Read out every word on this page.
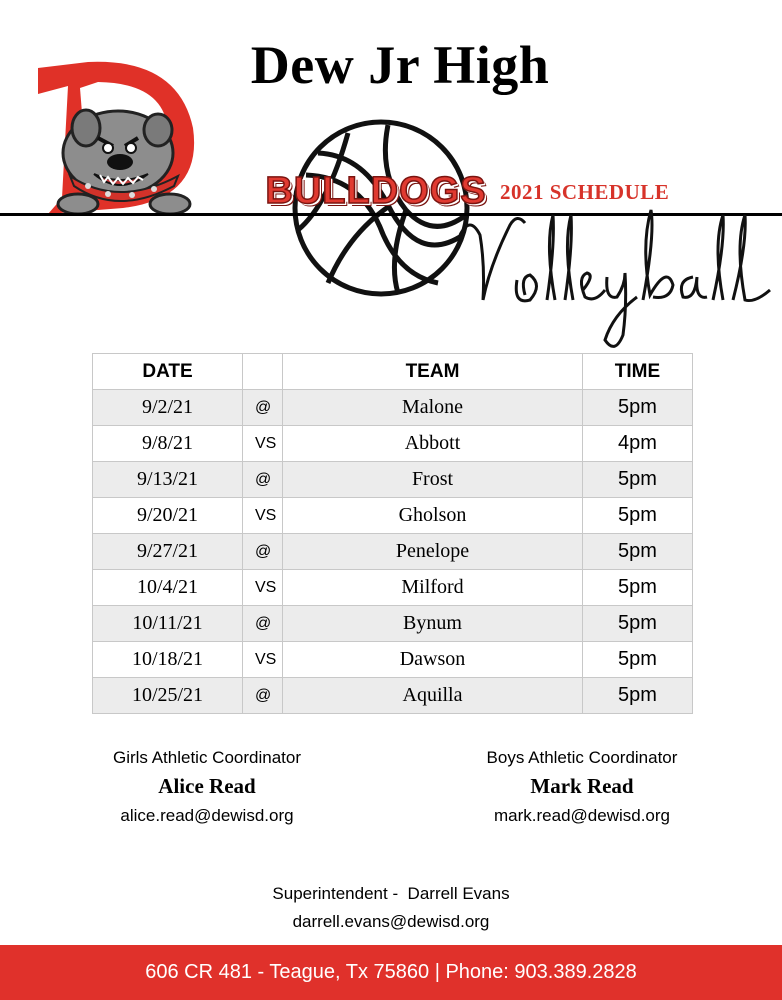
Dew Jr High
BULLDOGS 2021 SCHEDULE
DATE		TEAM	TIME
9/2/21	@	Malone	5pm
9/8/21	VS	Abbott	4pm
9/13/21	@	Frost	5pm
9/20/21	VS	Gholson	5pm
9/27/21	@	Penelope	5pm
10/4/21	VS	Milford	5pm
10/11/21	@	Bynum	5pm
10/18/21	VS	Dawson	5pm
10/25/21	@	Aquilla	5pm
Girls Athletic Coordinator
Alice Read
alice.read@dewisd.org
Boys Athletic Coordinator
Mark Read
mark.read@dewisd.org
Superintendent -  Darrell Evans
darrell.evans@dewisd.org
606 CR 481 - Teague, Tx 75860 | Phone: 903.389.2828
